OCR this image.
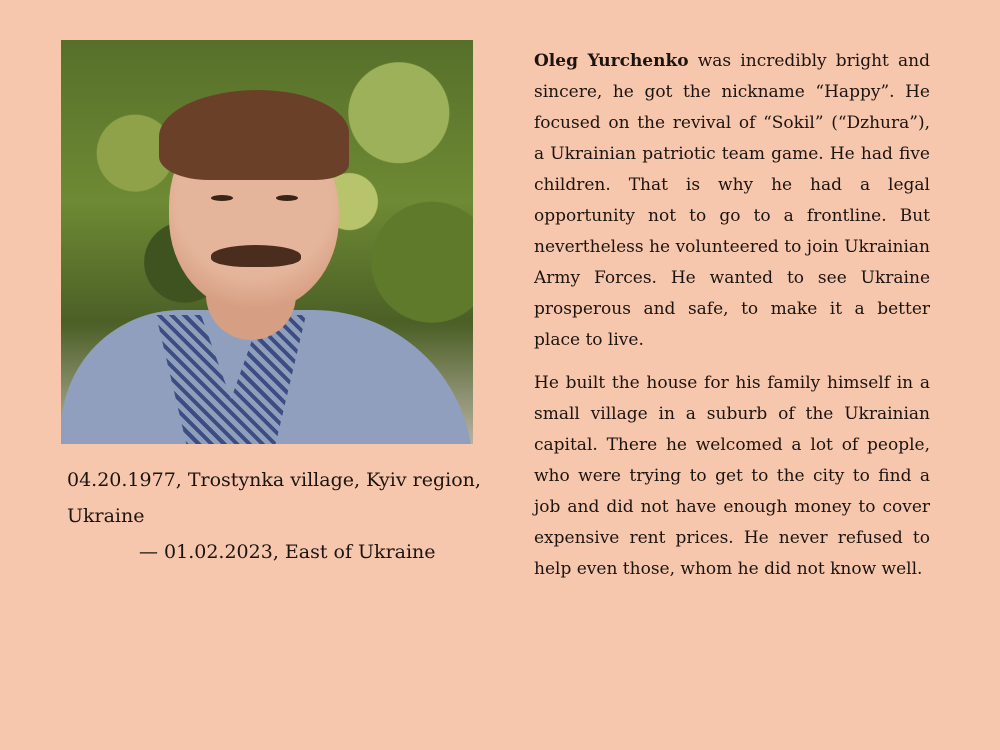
04.20.1977, Trostynka village, Kyiv region, Ukraine
— 01.02.2023, East of Ukraine

Oleg Yurchenko was incredibly bright and sincere, he got the nickname “Happy”. He focused on the revival of “Sokil” (“Dzhura”), a Ukrainian patriotic team game. He had five children. That is why he had a legal opportunity not to go to a frontline. But nevertheless he volunteered to join Ukrainian Army Forces. He wanted to see Ukraine prosperous and safe, to make it a better place to live.

He built the house for his family himself in a small village in a suburb of the Ukrainian capital. There he welcomed a lot of people, who were trying to get to the city to find a job and did not have enough money to cover expensive rent prices. He never refused to help even those, whom he did not know well.
